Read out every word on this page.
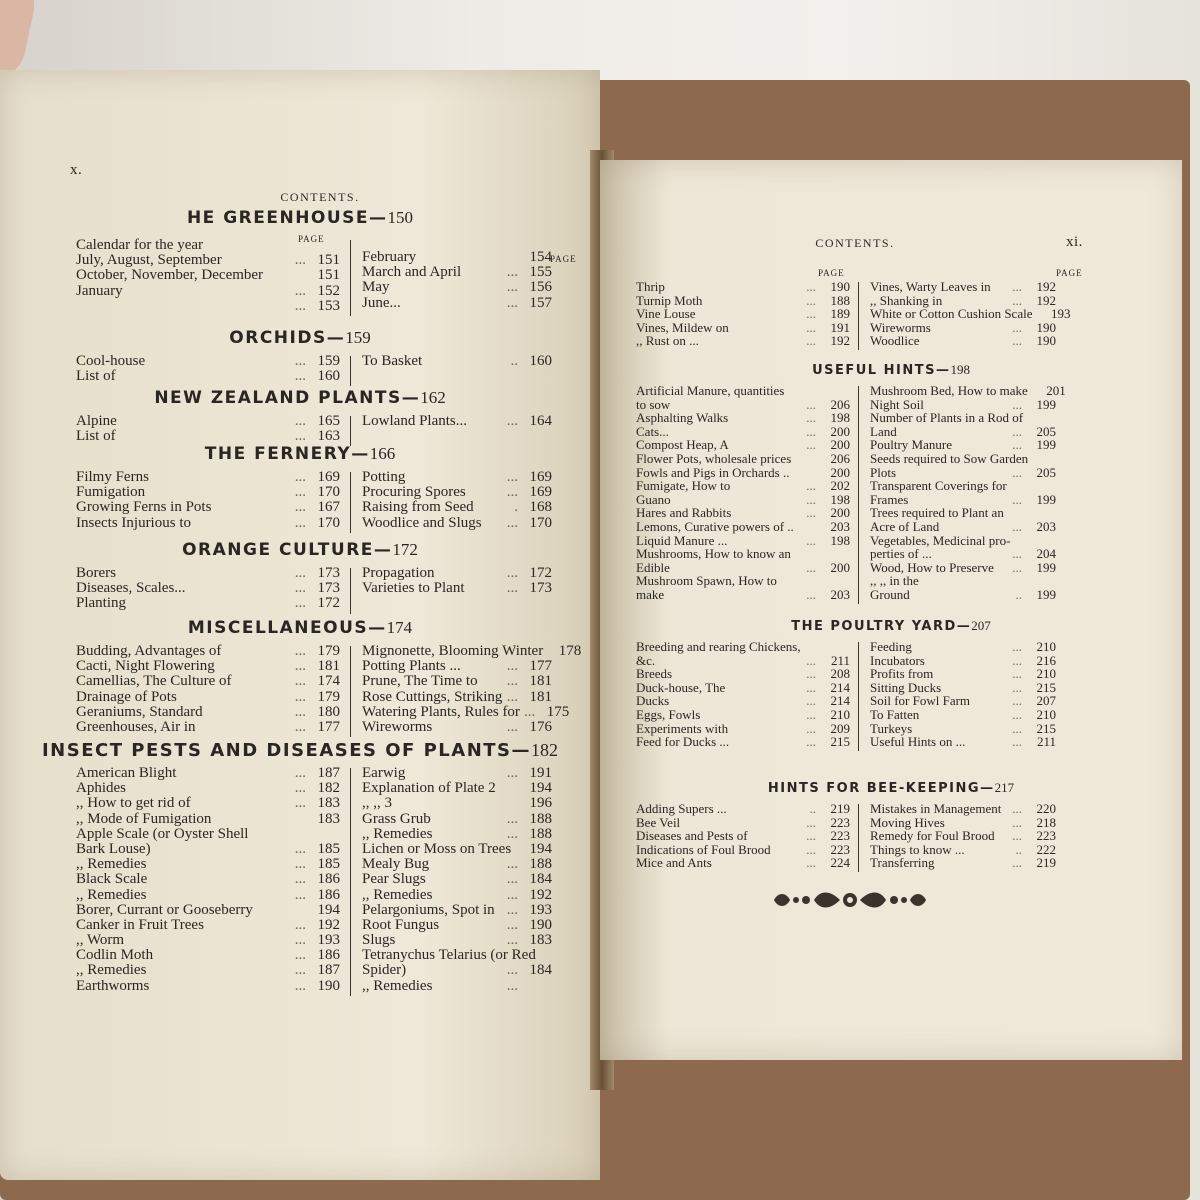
x.
CONTENTS.
HE GREENHOUSE—150
PAGE
PAGE
Calendar for the year
July, August, September	... 151
October, November, December	151
January	... 152
... 153
February	154
March and April	... 155
May	... 156
June...	... 157
ORCHIDS—159
Cool-house	... 159
List of	... 160
To Basket	.. 160
NEW ZEALAND PLANTS—162
Alpine	... 165
List of	... 163
Lowland Plants...	... 164
THE FERNERY—166
Filmy Ferns	... 169
Fumigation	... 170
Growing Ferns in Pots	... 167
Insects Injurious to	... 170
Potting	... 169
Procuring Spores	... 169
Raising from Seed	. 168
Woodlice and Slugs	... 170
ORANGE CULTURE—172
Borers	... 173
Diseases, Scales...	... 173
Planting	... 172
Propagation	... 172
Varieties to Plant	... 173
MISCELLANEOUS—174
Budding, Advantages of	... 179
Cacti, Night Flowering	... 181
Camellias, The Culture of	... 174
Drainage of Pots	... 179
Geraniums, Standard	... 180
Greenhouses, Air in	... 177
Mignonette, Blooming Winter	178
Potting Plants ...	... 177
Prune, The Time to	... 181
Rose Cuttings, Striking ... 181
Watering Plants, Rules for ... 175
Wireworms	... 176
INSECT PESTS AND DISEASES OF PLANTS—182
American Blight	... 187
Aphides	... 182
,, How to get rid of	... 183
,, Mode of Fumigation	183
Apple Scale (or Oyster Shell
Bark Louse)	... 185
,, Remedies	... 185
Black Scale	... 186
,, Remedies	... 186
Borer, Currant or Gooseberry	194
Canker in Fruit Trees	... 192
,, Worm	... 193
Codlin Moth	... 186
,, Remedies	... 187
Earthworms	... 190
Earwig	... 191
Explanation of Plate 2	194
,, ,, 3	196
Grass Grub	... 188
,, Remedies	... 188
Lichen or Moss on Trees	194
Mealy Bug	... 188
Pear Slugs	... 184
,, Remedies	... 192
Pelargoniums, Spot in ... 193
Root Fungus	... 190
Slugs	... 183
Tetranychus Telarius (or Red
Spider)	... 184
,, Remedies	...
CONTENTS.	xi.
PAGE	PAGE
Thrip	...	190
Turnip Moth	...	188
Vine Louse	...	189
Vines, Mildew on	...	191
,, Rust on ...	...	192
Vines, Warty Leaves in	...	192
,, Shanking in	...	192
White or Cotton Cushion Scale	193
Wireworms	...	190
Woodlice	...	190
USEFUL HINTS—198
Artificial Manure, quantities
to sow	...	206
Asphalting Walks	...	198
Cats...	...	200
Compost Heap, A	...	200
Flower Pots, wholesale prices	206
Fowls and Pigs in Orchards ..	200
Fumigate, How to	...	202
Guano	...	198
Hares and Rabbits	...	200
Lemons, Curative powers of ..	203
Liquid Manure ...	...	198
Mushrooms, How to know an
Edible	...	200
Mushroom Spawn, How to
make	...	203
Mushroom Bed, How to make	201
Night Soil	...	199
Number of Plants in a Rod of
Land	...	205
Poultry Manure	...	199
Seeds required to Sow Garden
Plots	...	205
Transparent Coverings for
Frames	...	199
Trees required to Plant an
Acre of Land	...	203
Vegetables, Medicinal pro-
perties of ...	...	204
Wood, How to Preserve	...	199
,, ,, in the
Ground	..	199
THE POULTRY YARD—207
Breeding and rearing Chickens,
&c.	...	211
Breeds	...	208
Duck-house, The	...	214
Ducks	...	214
Eggs, Fowls	...	210
Experiments with	...	209
Feed for Ducks ...	...	215
Feeding	...	210
Incubators	...	216
Profits from	...	210
Sitting Ducks	...	215
Soil for Fowl Farm	...	207
To Fatten	...	210
Turkeys	...	215
Useful Hints on ...	...	211
HINTS FOR BEE-KEEPING—217
Adding Supers ...	..	219
Bee Veil	...	223
Diseases and Pests of	...	223
Indications of Foul Brood	...	223
Mice and Ants	...	224
Mistakes in Management ...	220
Moving Hives	...	218
Remedy for Foul Brood	...	223
Things to know ...	..	222
Transferring	...	219
